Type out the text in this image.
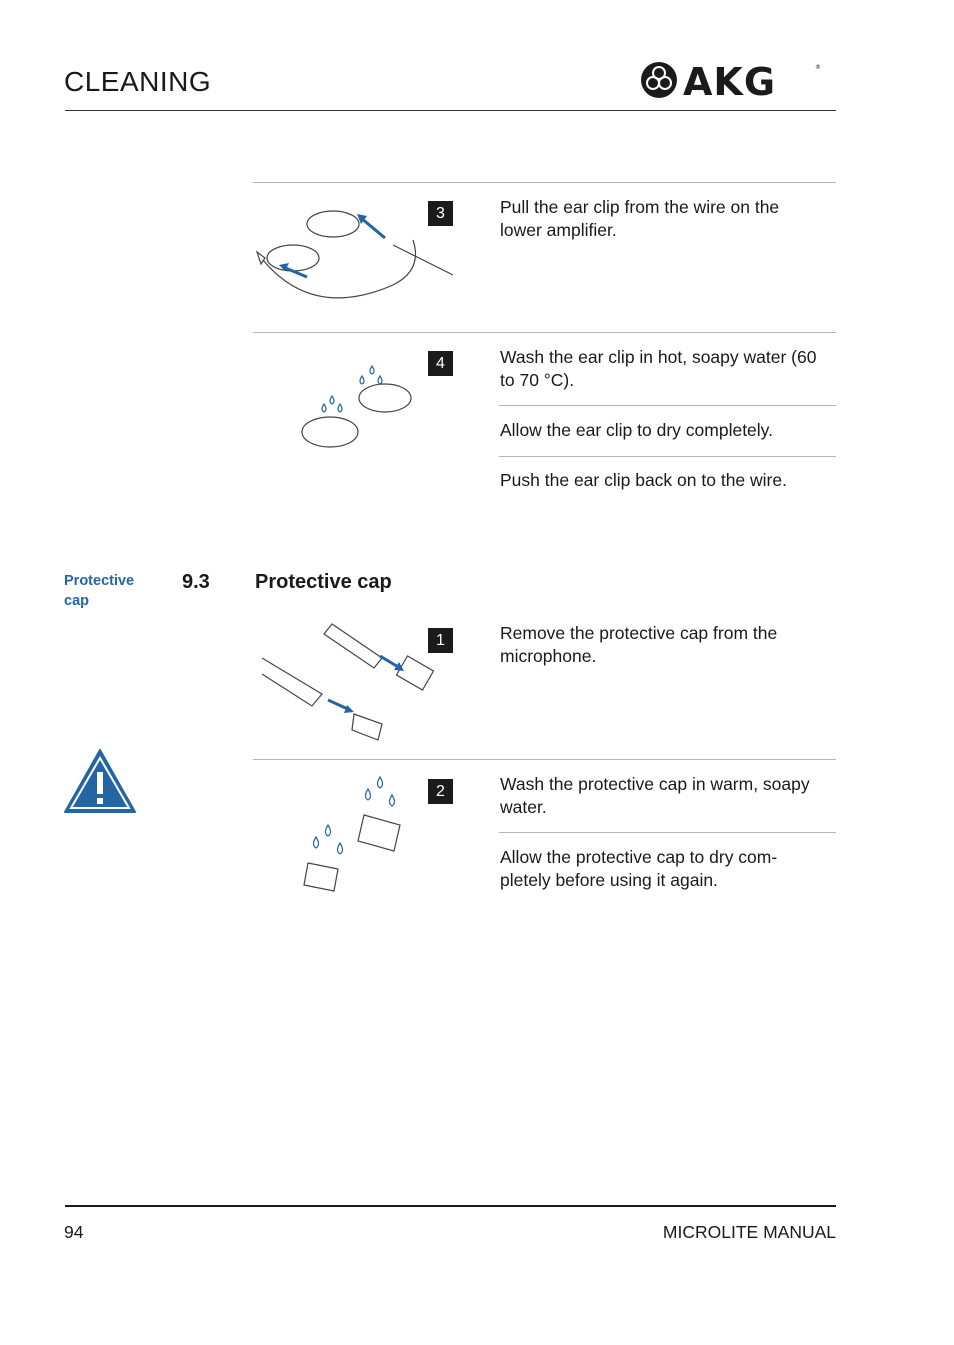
CLEANING	AKG	®
3	Pull the ear clip from the wire on the lower amplifier.
4	Wash the ear clip in hot, soapy water (60 to 70 °C).
Allow the ear clip to dry completely.
Push the ear clip back on to the wire.
Protective cap
9.3 Protective cap
1	Remove the protective cap from the microphone.
2	Wash the protective cap in warm, soapy water.
Allow the protective cap to dry com-pletely before using it again.
94	MICROLITE MANUAL
